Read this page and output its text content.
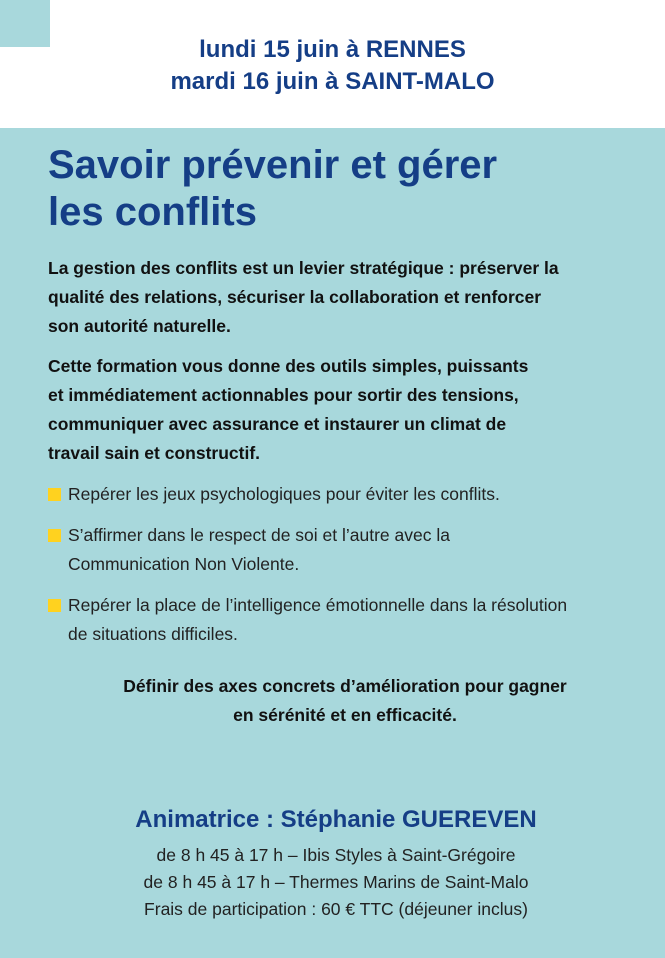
lundi 15 juin à RENNES
mardi 16 juin à SAINT-MALO
Savoir prévenir et gérer
les conflits
La gestion des conflits est un levier stratégique : préserver la
qualité des relations, sécuriser la collaboration et renforcer
son autorité naturelle.
Cette formation vous donne des outils simples, puissants
et immédiatement actionnables pour sortir des tensions,
communiquer avec assurance et instaurer un climat de
travail sain et constructif.
Repérer les jeux psychologiques pour éviter les conflits.
S’affirmer dans le respect de soi et l’autre avec la
Communication Non Violente.
Repérer la place de l’intelligence émotionnelle dans la résolution
de situations difficiles.
Définir des axes concrets d’amélioration pour gagner
en sérénité et en efficacité.
Animatrice : Stéphanie GUEREVEN
de 8 h 45 à 17 h – Ibis Styles à Saint-Grégoire
de 8 h 45 à 17 h – Thermes Marins de Saint-Malo
Frais de participation : 60 € TTC (déjeuner inclus)
